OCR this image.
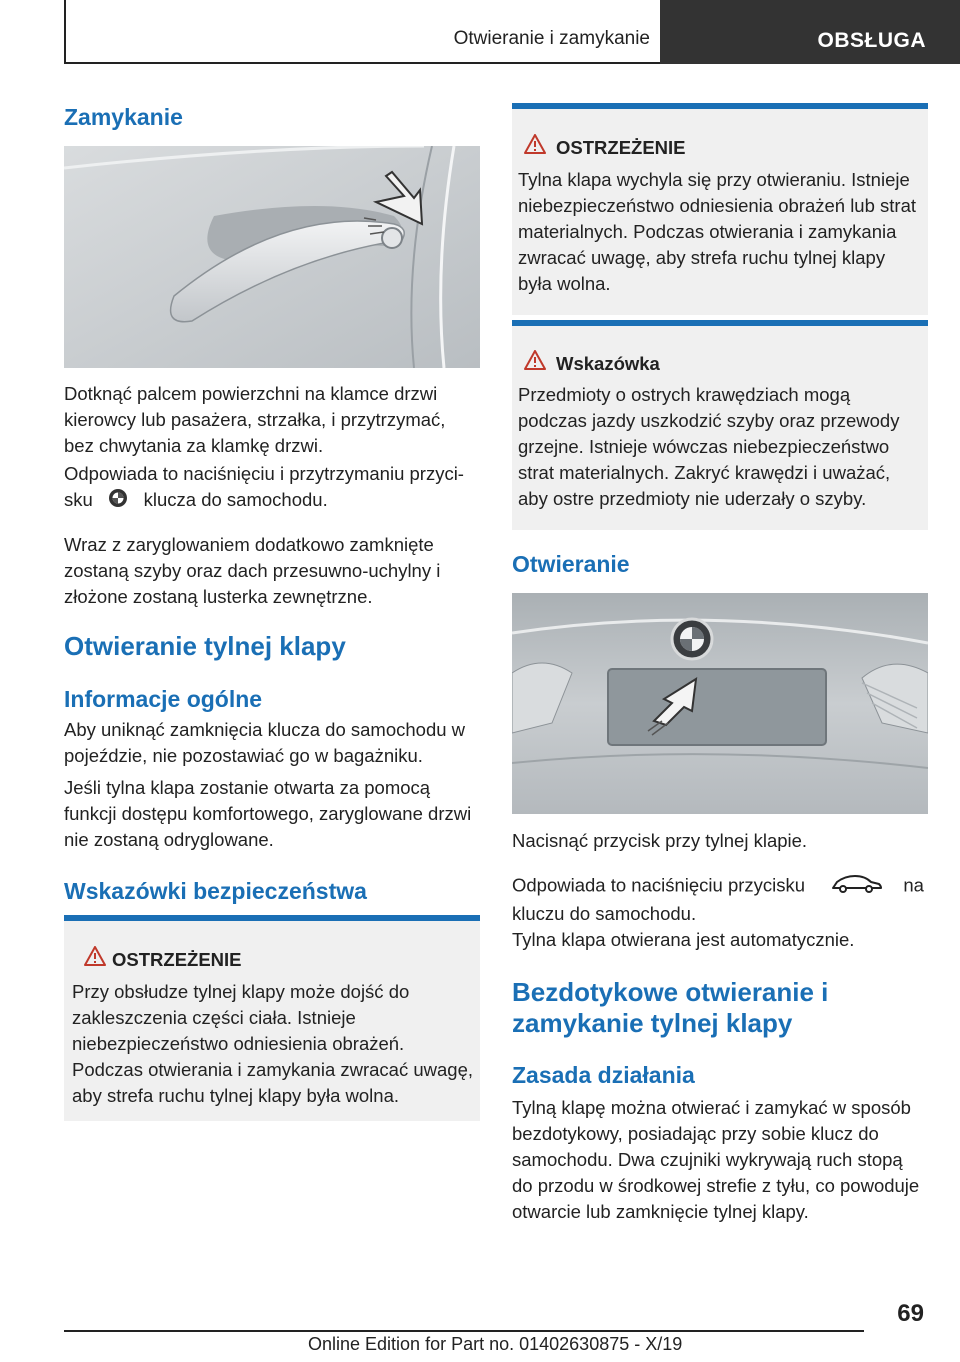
Otwieranie i zamykanie	OBSŁUGA
Zamykanie

Dotknąć palcem powierzchni na klamce drzwi kierowcy lub pasażera, strzałka, i przytrzymać, bez chwytania za klamkę drzwi.

Odpowiada to naciśnięciu i przytrzymaniu przyci-
sku	klucza do samochodu.

Wraz z zaryglowaniem dodatkowo zamknięte zostaną szyby oraz dach przesuwno-uchylny i złożone zostaną lusterka zewnętrzne.

Otwieranie tylnej klapy
Informacje ogólne

Aby uniknąć zamknięcia klucza do samochodu w pojeździe, nie pozostawiać go w bagażniku.

Jeśli tylna klapa zostanie otwarta za pomocą funkcji dostępu komfortowego, zaryglowane drzwi nie zostaną odryglowane.

Wskazówki bezpieczeństwa
OSTRZEŻENIE

Przy obsłudze tylnej klapy może dojść do zakleszczenia części ciała. Istnieje niebezpieczeństwo odniesienia obrażeń. Podczas otwierania i zamykania zwracać uwagę, aby strefa ruchu tylnej klapy była wolna.

OSTRZEŻENIE

Tylna klapa wychyla się przy otwieraniu. Istnieje niebezpieczeństwo odniesienia obrażeń lub strat materialnych. Podczas otwierania i zamykania zwracać uwagę, aby strefa ruchu tylnej klapy była wolna.

Wskazówka

Przedmioty o ostrych krawędziach mogą podczas jazdy uszkodzić szyby oraz przewody grzejne. Istnieje wówczas niebezpieczeństwo strat materialnych. Zakryć krawędzi i uważać, aby ostre przedmioty nie uderzały o szyby.

Otwieranie

Nacisnąć przycisk przy tylnej klapie.

Odpowiada to naciśnięciu przycisku	na
kluczu do samochodu.

Tylna klapa otwierana jest automatycznie.

Bezdotykowe otwieranie i zamykanie tylnej klapy
Zasada działania

Tylną klapę można otwierać i zamykać w sposób bezdotykowy, posiadając przy sobie klucz do samochodu. Dwa czujniki wykrywają ruch stopą do przodu w środkowej strefie z tyłu, co powoduje otwarcie lub zamknięcie tylnej klapy.

69
Online Edition for Part no. 01402630875 - X/19
